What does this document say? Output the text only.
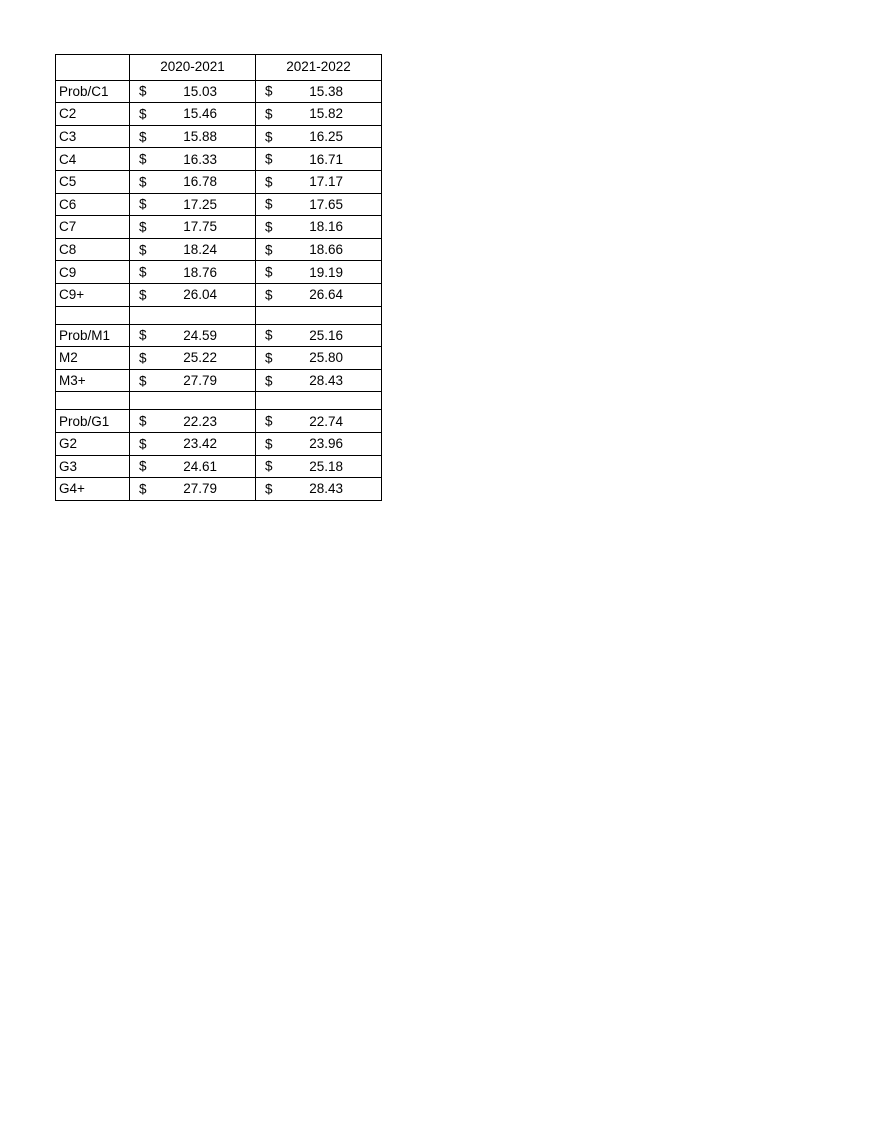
	2020-2021	2021-2022
Prob/C1	$ 15.03	$ 15.38

C2	$ 15.46	$ 15.82

C3	$ 15.88	$ 16.25

C4	$ 16.33	$ 16.71

C5	$ 16.78	$ 17.17

C6	$ 17.25	$ 17.65

C7	$ 17.75	$ 18.16

C8	$ 18.24	$ 18.66

C9	$ 18.76	$ 19.19

C9+	$ 26.04	$ 26.64

Prob/M1	$ 24.59	$ 25.16

M2	$ 25.22	$ 25.80

M3+	$ 27.79	$ 28.43

Prob/G1	$ 22.23	$ 22.74

G2	$ 23.42	$ 23.96

G3	$ 24.61	$ 25.18

G4+	$ 27.79	$ 28.43
